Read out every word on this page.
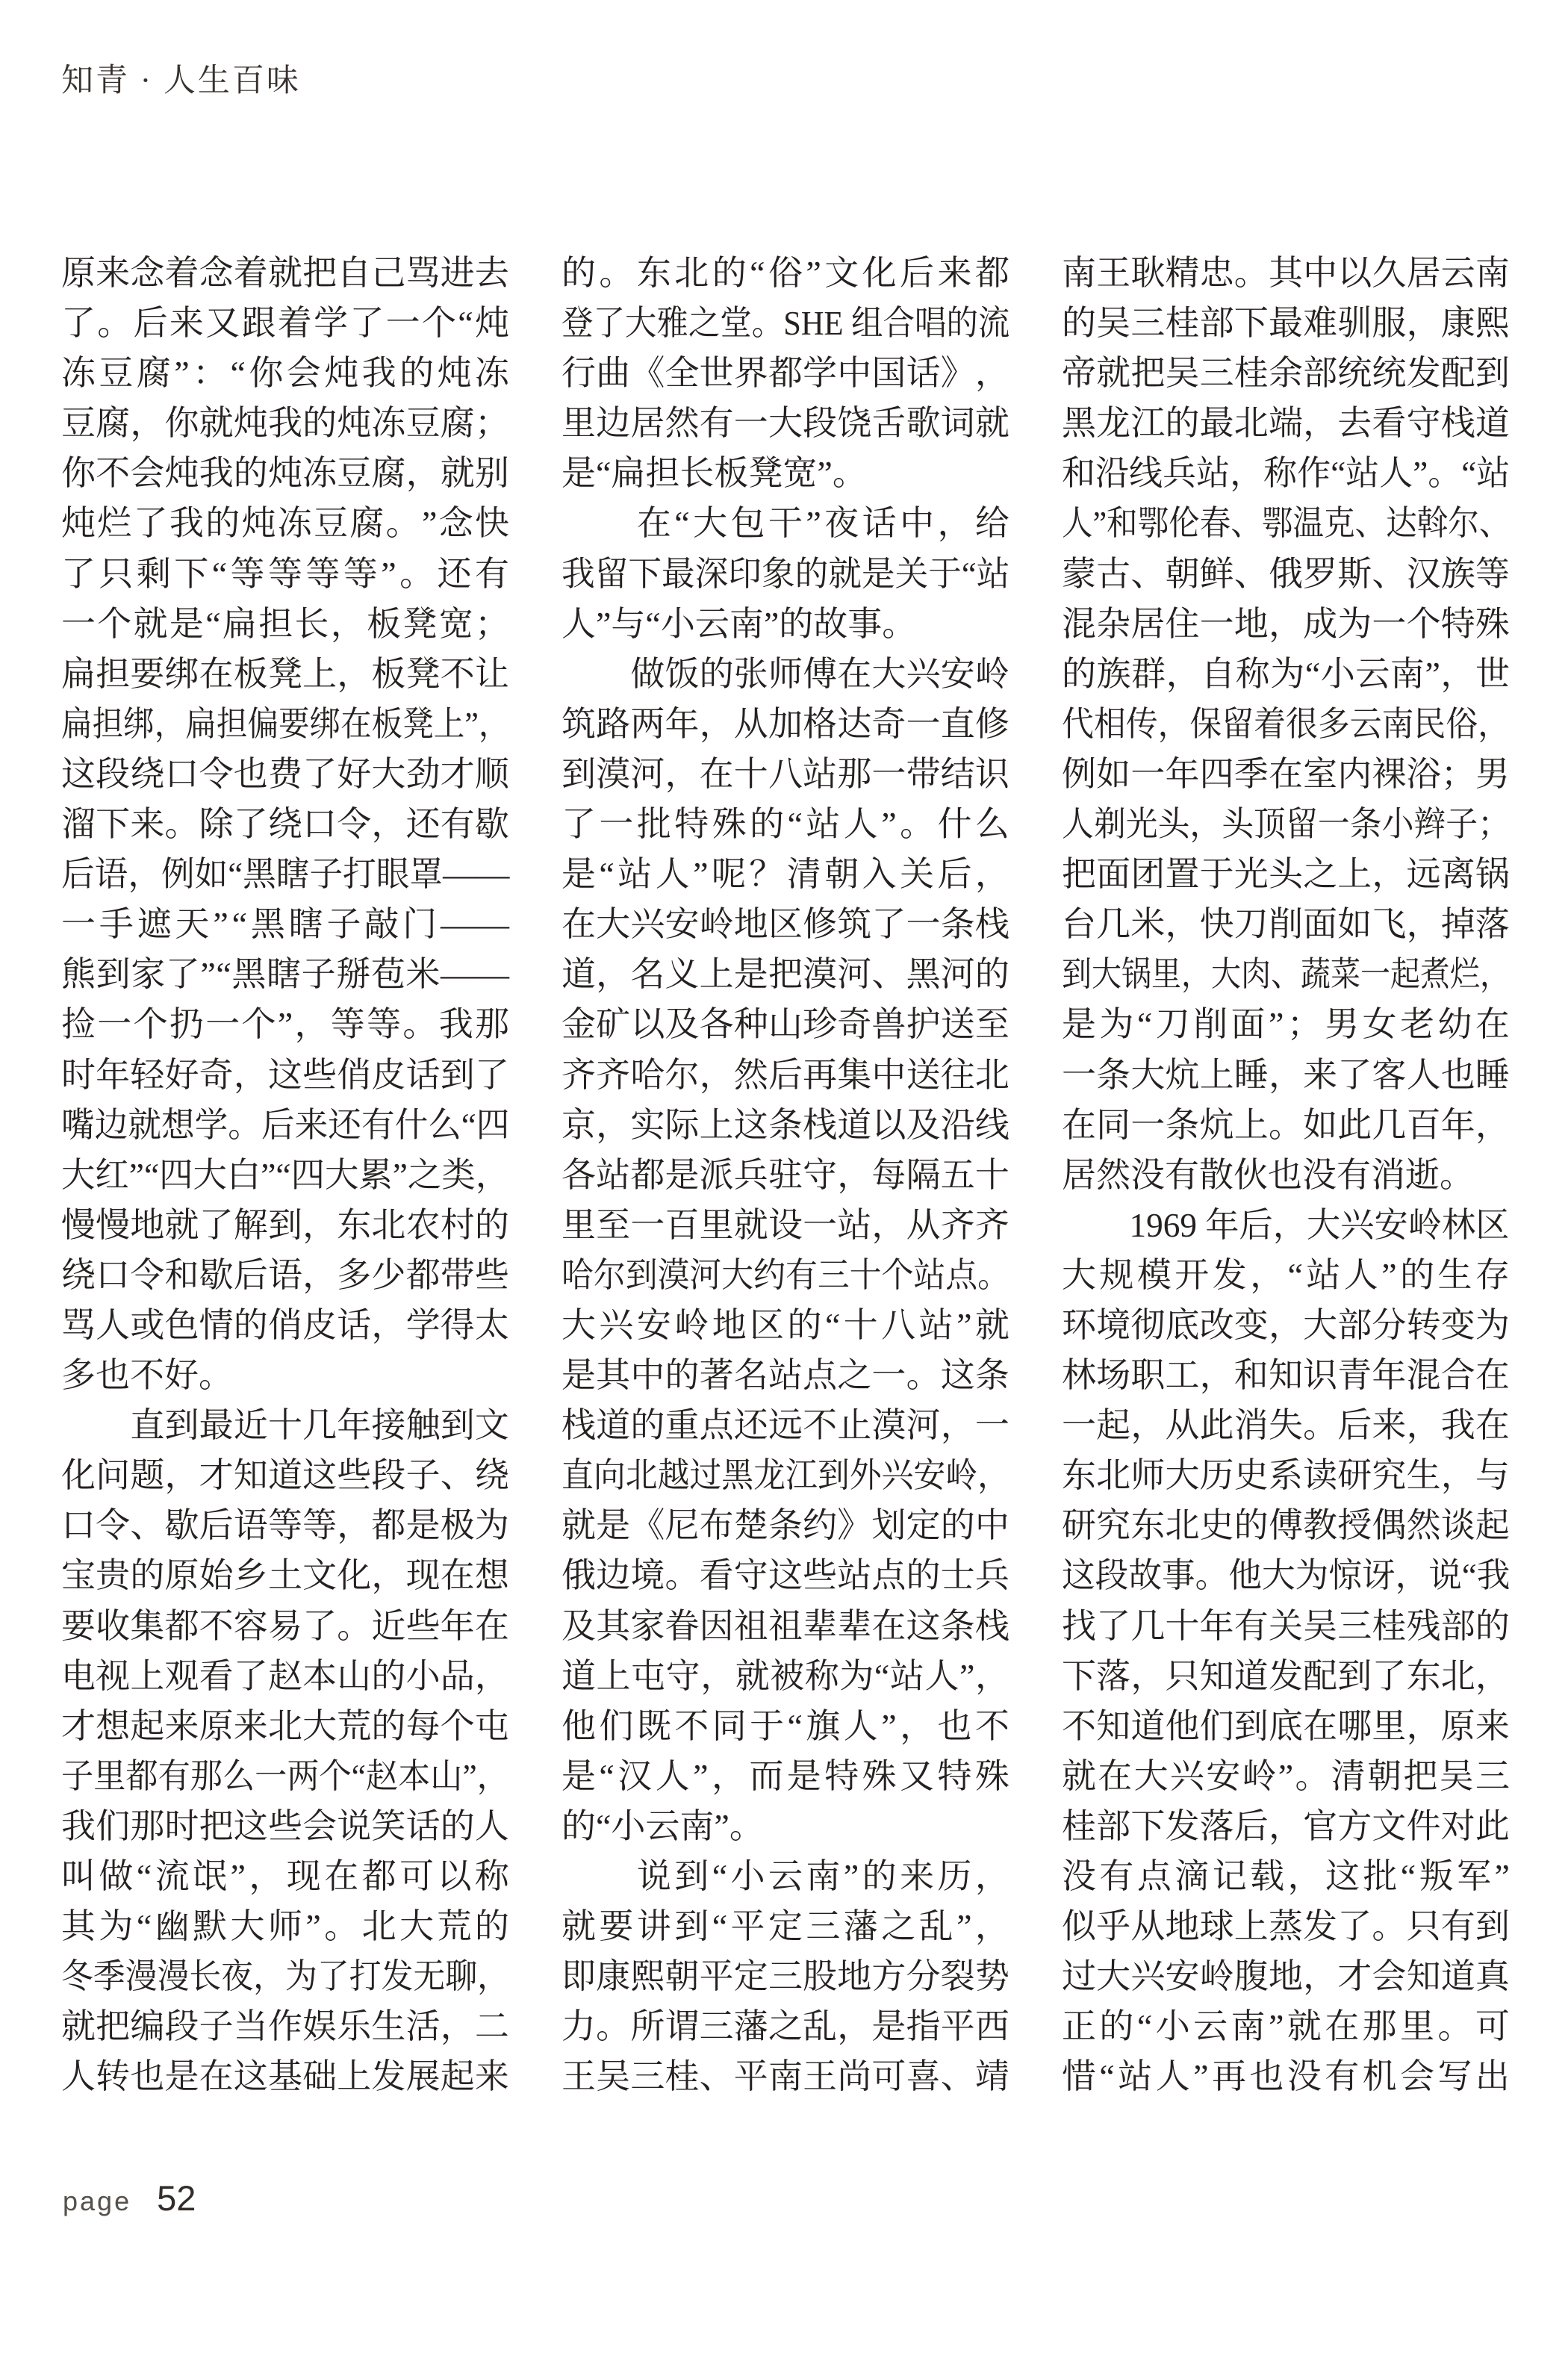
知青 · 人生百味
原 来 念 着 念 着 就 把 自 己 骂 进 去
了 。 后 来 又 跟 着 学 了 一 个 “ 炖
冻 豆 腐 ” ： “ 你 会 炖 我 的 炖 冻
豆 腐 ， 你 就 炖 我 的 炖 冻 豆 腐 ；
你 不 会 炖 我 的 炖 冻 豆 腐 ， 就 别
炖 烂 了 我 的 炖 冻 豆 腐 。 ” 念 快
了 只 剩 下 “ 等 等 等 等 ” 。 还 有
一 个 就 是 “ 扁 担 长 ， 板 凳 宽 ；
扁 担 要 绑 在 板 凳 上 ， 板 凳 不 让
扁 担 绑 ， 扁 担 偏 要 绑 在 板 凳 上 ” ，
这 段 绕 口 令 也 费 了 好 大 劲 才 顺
溜 下 来 。 除 了 绕 口 令 ， 还 有 歇
后 语 ， 例 如 “ 黑 瞎 子 打 眼 罩 ——
一 手 遮 天 ” “ 黑 瞎 子 敲 门 ——
熊 到 家 了 ” “ 黑 瞎 子 掰 苞 米 ——
捡 一 个 扔 一 个 ” ， 等 等 。 我 那
时 年 轻 好 奇 ， 这 些 俏 皮 话 到 了
嘴 边 就 想 学 。 后 来 还 有 什 么 “ 四
大 红 ” “ 四 大 白 ” “ 四 大 累 ” 之 类 ，
慢 慢 地 就 了 解 到 ， 东 北 农 村 的
绕 口 令 和 歇 后 语 ， 多 少 都 带 些
骂 人 或 色 情 的 俏 皮 话 ， 学 得 太
多也不好。

直 到 最 近 十 几 年 接 触 到 文
化 问 题 ， 才 知 道 这 些 段 子 、 绕
口 令 、 歇 后 语 等 等 ， 都 是 极 为
宝 贵 的 原 始 乡 土 文 化 ， 现 在 想
要 收 集 都 不 容 易 了 。 近 些 年 在
电 视 上 观 看 了 赵 本 山 的 小 品 ，
才 想 起 来 原 来 北 大 荒 的 每 个 屯
子 里 都 有 那 么 一 两 个 “ 赵 本 山 ” ，
我 们 那 时 把 这 些 会 说 笑 话 的 人
叫 做 “ 流 氓 ” ， 现 在 都 可 以 称
其 为 “ 幽 默 大 师 ” 。 北 大 荒 的
冬 季 漫 漫 长 夜 ， 为 了 打 发 无 聊 ，
就 把 编 段 子 当 作 娱 乐 生 活 ， 二
人 转 也 是 在 这 基 础 上 发 展 起 来
的 。 东 北 的 “ 俗 ” 文 化 后 来 都
登 了 大 雅 之 堂 。 SHE
组 合 唱 的 流
行 曲 《 全 世 界 都 学 中 国 话 》 ，
里 边 居 然 有 一 大 段 饶 舌 歌 词 就
是“扁担长板凳宽”。

在 “ 大 包 干 ” 夜 话 中 ， 给
我 留 下 最 深 印 象 的 就 是 关 于 “ 站
人”与“小云南”的故事。

做 饭 的 张 师 傅 在 大 兴 安 岭
筑 路 两 年 ， 从 加 格 达 奇 一 直 修
到 漠 河 ， 在 十 八 站 那 一 带 结 识
了 一 批 特 殊 的 “ 站 人 ” 。 什 么
是 “ 站 人 ” 呢 ？ 清 朝 入 关 后 ，
在 大 兴 安 岭 地 区 修 筑 了 一 条 栈
道 ， 名 义 上 是 把 漠 河 、 黑 河 的
金 矿 以 及 各 种 山 珍 奇 兽 护 送 至
齐 齐 哈 尔 ， 然 后 再 集 中 送 往 北
京 ， 实 际 上 这 条 栈 道 以 及 沿 线
各 站 都 是 派 兵 驻 守 ， 每 隔 五 十
里 至 一 百 里 就 设 一 站 ， 从 齐 齐
哈 尔 到 漠 河 大 约 有 三 十 个 站 点 。
大 兴 安 岭 地 区 的 “ 十 八 站 ” 就
是 其 中 的 著 名 站 点 之 一 。 这 条
栈 道 的 重 点 还 远 不 止 漠 河 ， 一
直 向 北 越 过 黑 龙 江 到 外 兴 安 岭 ，
就 是 《 尼 布 楚 条 约 》 划 定 的 中
俄 边 境 。 看 守 这 些 站 点 的 士 兵
及 其 家 眷 因 祖 祖 辈 辈 在 这 条 栈
道 上 屯 守 ， 就 被 称 为 “ 站 人 ” ，
他 们 既 不 同 于 “ 旗 人 ” ， 也 不
是 “ 汉 人 ” ， 而 是 特 殊 又 特 殊
的“小云南”。

说 到 “ 小 云 南 ” 的 来 历 ，
就 要 讲 到 “ 平 定 三 藩 之 乱 ” ，
即 康 熙 朝 平 定 三 股 地 方 分 裂 势
力 。 所 谓 三 藩 之 乱 ， 是 指 平 西
王 吴 三 桂 、 平 南 王 尚 可 喜 、 靖
南 王 耿 精 忠 。 其 中 以 久 居 云 南
的 吴 三 桂 部 下 最 难 驯 服 ， 康 熙
帝 就 把 吴 三 桂 余 部 统 统 发 配 到
黑 龙 江 的 最 北 端 ， 去 看 守 栈 道
和 沿 线 兵 站 ， 称 作 “ 站 人 ” 。 “ 站
人 ” 和 鄂 伦 春 、 鄂 温 克 、 达 斡 尔 、
蒙 古 、 朝 鲜 、 俄 罗 斯 、 汉 族 等
混 杂 居 住 一 地 ， 成 为 一 个 特 殊
的 族 群 ， 自 称 为 “ 小 云 南 ” ， 世
代 相 传 ， 保 留 着 很 多 云 南 民 俗 ，
例 如 一 年 四 季 在 室 内 裸 浴 ； 男
人 剃 光 头 ， 头 顶 留 一 条 小 辫 子 ；
把 面 团 置 于 光 头 之 上 ， 远 离 锅
台 几 米 ， 快 刀 削 面 如 飞 ， 掉 落
到 大 锅 里 ， 大 肉 、 蔬 菜 一 起 煮 烂 ，
是 为 “ 刀 削 面 ” ； 男 女 老 幼 在
一 条 大 炕 上 睡 ， 来 了 客 人 也 睡
在 同 一 条 炕 上 。 如 此 几 百 年 ，
居然没有散伙也没有消逝。

1969
年 后 ， 大 兴 安 岭 林 区
大 规 模 开 发 ， “ 站 人 ” 的 生 存
环 境 彻 底 改 变 ， 大 部 分 转 变 为
林 场 职 工 ， 和 知 识 青 年 混 合 在
一 起 ， 从 此 消 失 。 后 来 ， 我 在
东 北 师 大 历 史 系 读 研 究 生 ， 与
研 究 东 北 史 的 傅 教 授 偶 然 谈 起
这 段 故 事 。 他 大 为 惊 讶 ， 说 “ 我
找 了 几 十 年 有 关 吴 三 桂 残 部 的
下 落 ， 只 知 道 发 配 到 了 东 北 ，
不 知 道 他 们 到 底 在 哪 里 ， 原 来
就 在 大 兴 安 岭 ” 。 清 朝 把 吴 三
桂 部 下 发 落 后 ， 官 方 文 件 对 此
没 有 点 滴 记 载 ， 这 批 “ 叛 军 ”
似 乎 从 地 球 上 蒸 发 了 。 只 有 到
过 大 兴 安 岭 腹 地 ， 才 会 知 道 真
正 的 “ 小 云 南 ” 就 在 那 里 。 可
惜 “ 站 人 ” 再 也 没 有 机 会 写 出
page 52
